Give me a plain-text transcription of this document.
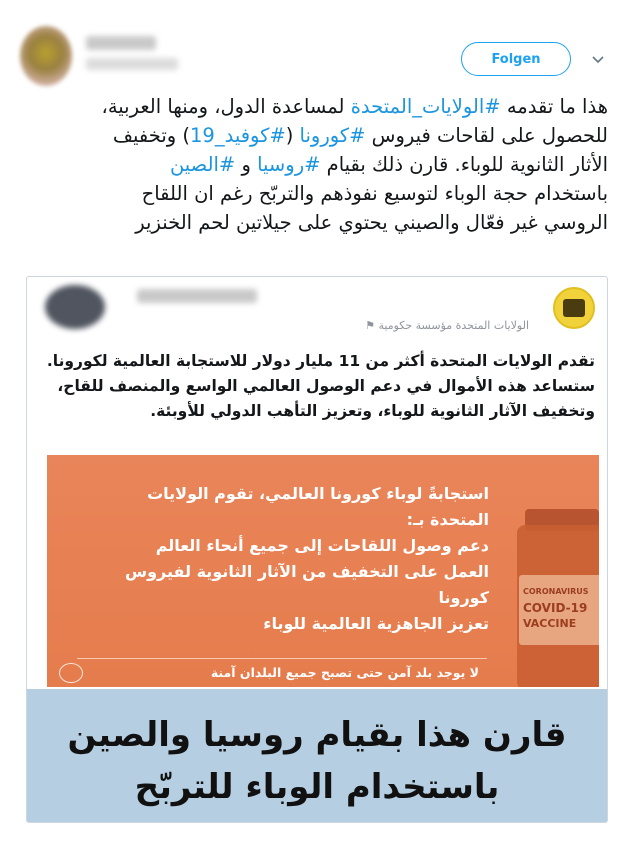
Folgen

هذا ما تقدمه #الولايات_المتحدة لمساعدة الدول، ومنها العربية،

للحصول على لقاحات فيروس #كورونا (#كوفيد_19) وتخفيف

الأثار الثانوية للوباء. قارن ذلك بقيام #روسيا و #الصين

باستخدام حجة الوباء لتوسيع نفوذهم والتربّح رغم ان اللقاح

الروسي غير فعّال والصيني يحتوي على جيلاتين لحم الخنزير

الولايات المتحدة مؤسسة حكومية ⚑

تقدم الولايات المتحدة أكثر من 11 مليار دولار للاستجابة العالمية لكورونا.

ستساعد هذه الأموال في دعم الوصول العالمي الواسع والمنصف للقاح،

وتخفيف الآثار الثانوية للوباء، وتعزيز التأهب الدولي للأوبئة.

CORONAVIRUS
COVID-19
VACCINE

استجابةً لوباء كورونا العالمي، تقوم الولايات

المتحدة بـ:

دعم وصول اللقاحات إلى جميع أنحاء العالم

العمل على التخفيف من الآثار الثانوية لفيروس

كورونا

تعزيز الجاهزية العالمية للوباء

لا يوجد بلد آمن حتى تصبح جميع البلدان آمنة

قارن هذا بقيام روسيا والصين

باستخدام الوباء للتربّح
